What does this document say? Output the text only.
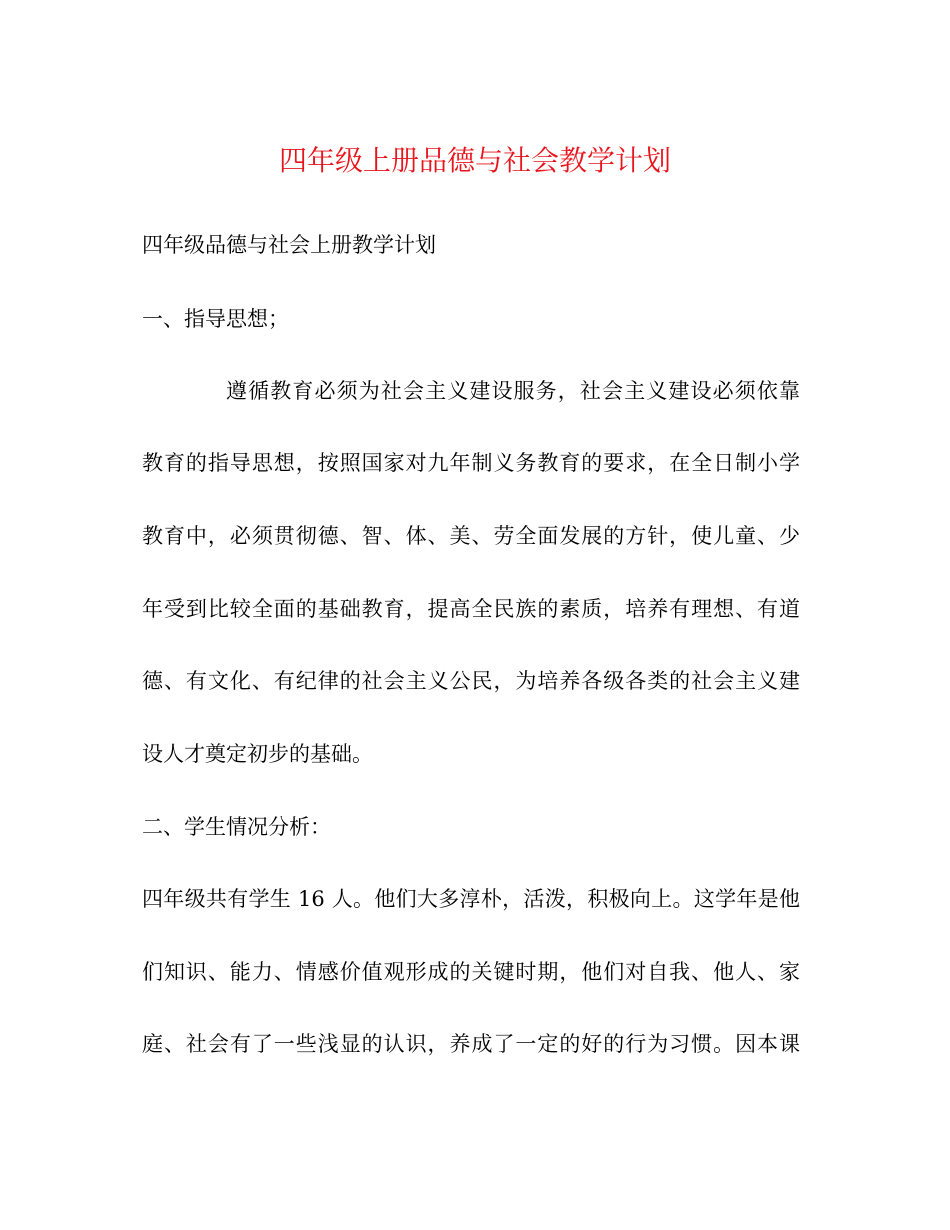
四年级上册品德与社会教学计划
四年级品德与社会上册教学计划
一、指导思想；
遵循教育必须为社会主义建设服务，社会主义建设必须依靠
教育的指导思想，按照国家对九年制义务教育的要求，在全日制小学
教育中，必须贯彻德、智、体、美、劳全面发展的方针，使儿童、少
年受到比较全面的基础教育，提高全民族的素质，培养有理想、有道
德、有文化、有纪律的社会主义公民，为培养各级各类的社会主义建
设人才奠定初步的基础。
二、学生情况分析：
四年级共有学生 16 人。他们大多淳朴，活泼，积极向上。这学年是他
们知识、能力、情感价值观形成的关键时期，他们对自我、他人、家
庭、社会有了一些浅显的认识，养成了一定的好的行为习惯。因本课
